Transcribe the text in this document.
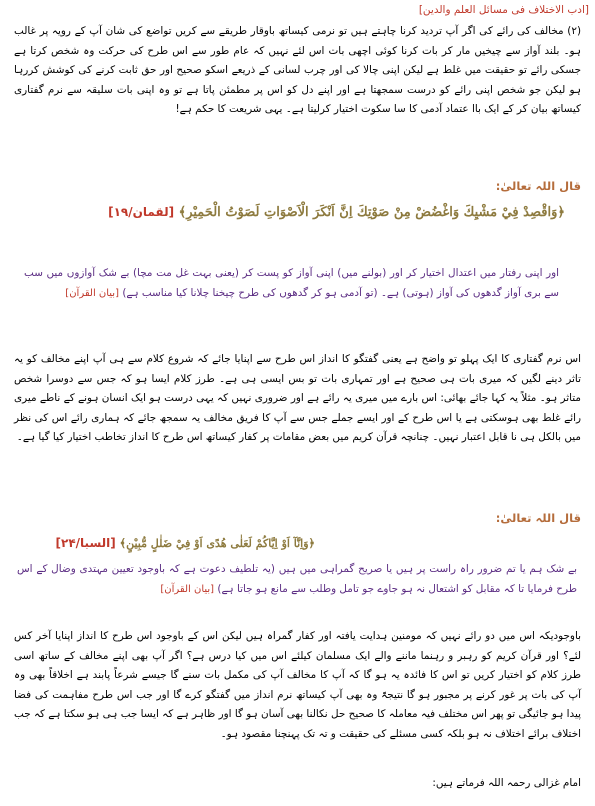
[ادب الاختلاف فی مسائل العلم والدین]

(۲) مخالف کی رائے کی اگر آپ تردید کرنا چاہتے ہیں تو نرمی کیساتھ باوقار طریقے سے کریں تواضع کی شان آپ کے رویہ پر غالب ہو۔ بلند آواز سے چیخیں مار کر بات کرنا کوئی اچھی بات اس لئے نہیں کہ عام طور سے اس طرح کی حرکت وہ شخص کرتا ہے جسکی رائے تو حقیقت میں غلط ہے لیکن اپنی چالا کی اور چرب لسانی کے ذریعے اسکو صحیح اور حق ثابت کرنے کی کوشش کررہا ہو لیکن جو شخص اپنی رائے کو درست سمجھتا ہے اور اپنے دل کو اس پر مطمئن پاتا ہے تو وہ اپنی بات سلیقہ سے نرم گفتاری کیساتھ بیان کر کے ایک باا عتماد آدمی کا سا سکوت اختیار کرلیتا ہے۔ یہی شریعت کا حکم ہے!

قال اللہ تعالیٰ:
﴿وَاقْصِدْ فِيْ مَشْيِكَ وَاغْضُضْ مِنْ صَوْتِكَ اِنَّ اَنْكَرَ الْاَصْوَاتِ لَصَوْتُ الْحَمِيْرِ﴾ [لقمان/۱۹]

اور اپنی رفتار میں اعتدال اختیار کر اور (بولنے میں) اپنی آواز کو پست کر (یعنی بہت غل مت مچا) بے شک آوازوں میں سب سے بری آواز گدھوں کی آواز (ہوتی) ہے۔ (تو آدمی ہو کر گدھوں کی طرح چیخنا چلانا کیا مناسب ہے) [بیان القرآن]

اس نرم گفتاری کا ایک پہلو تو واضح ہے یعنی گفتگو کا انداز اس طرح سے اپنایا جائے کہ شروع کلام سے ہی آپ اپنے مخالف کو یہ تاثر دینے لگیں کہ میری بات ہی صحیح ہے اور تمہاری بات تو بس ایسی ہی ہے۔ طرز کلام ایسا ہو کہ جس سے دوسرا شخص متاثر ہو۔ مثلاً یہ کہا جائے بھائی: اس بارے میں میری یہ رائے ہے اور ضروری نہیں کہ یہی درست ہو ایک انسان ہونے کے ناطے میری رائے غلط بھی ہوسکتی ہے یا اس طرح کے اور ایسے جملے جس سے آپ کا فریق مخالف یہ سمجھ جائے کہ ہماری رائے اس کی نظر میں بالکل ہی نا قابل اعتبار نہیں۔ چنانچہ قرآن کریم میں بعض مقامات پر کفار کیساتھ اس طرح کا انداز تخاطب اختیار کیا گیا ہے۔

قال اللہ تعالیٰ:
﴿وَاِنَّآ اَوْ اِيَّاكُمْ لَعَلٰى هُدًى اَوْ فِيْ ضَلٰلٍ مُّبِيْنٍ﴾ [السبا/۲۴]

بے شک ہم یا تم ضرور راہ راست پر ہیں یا صریح گمراہی میں ہیں (یہ تلطیف دعوت ہے کہ باوجود تعیین مہتدی وضال کے اس طرح فرمایا تا کہ مقابل کو اشتعال نہ ہو جاوے جو تامل وطلب سے مانع ہو جاتا ہے) [بیان القرآن]

باوجودیکہ اس میں دو رائے نہیں کہ مومنین ہدایت یافتہ اور کفار گمراہ ہیں لیکن اس کے باوجود اس طرح کا انداز اپنایا آخر کس لئے؟ اور قرآن کریم کو رہبر و رہنما ماننے والے ایک مسلمان کیلئے اس میں کیا درس ہے؟ اگر آپ بھی اپنے مخالف کے ساتھ اسی طرز کلام کو اختیار کریں تو اس کا فائدہ یہ ہو گا کہ آپ کا مخالف آپ کی مکمل بات سنے گا جیسے شرعاً پابند ہے اخلاقاً بھی وہ آپ کی بات پر غور کرنے پر مجبور ہو گا نتیجۃً وہ بھی آپ کیساتھ نرم انداز میں گفتگو کرے گا اور جب اس طرح مفاہمت کی فضا پیدا ہو جائیگی تو پھر اس مختلف فیہ معاملہ کا صحیح حل نکالنا بھی آسان ہو گا اور ظاہر ہے کہ ایسا جب ہی ہو سکتا ہے کہ جب اختلاف برائے اختلاف نہ ہو بلکہ کسی مسئلے کی حقیقت و تہ تک پہنچنا مقصود ہو۔

امام غزالی رحمہ اللہ فرماتے ہیں:
